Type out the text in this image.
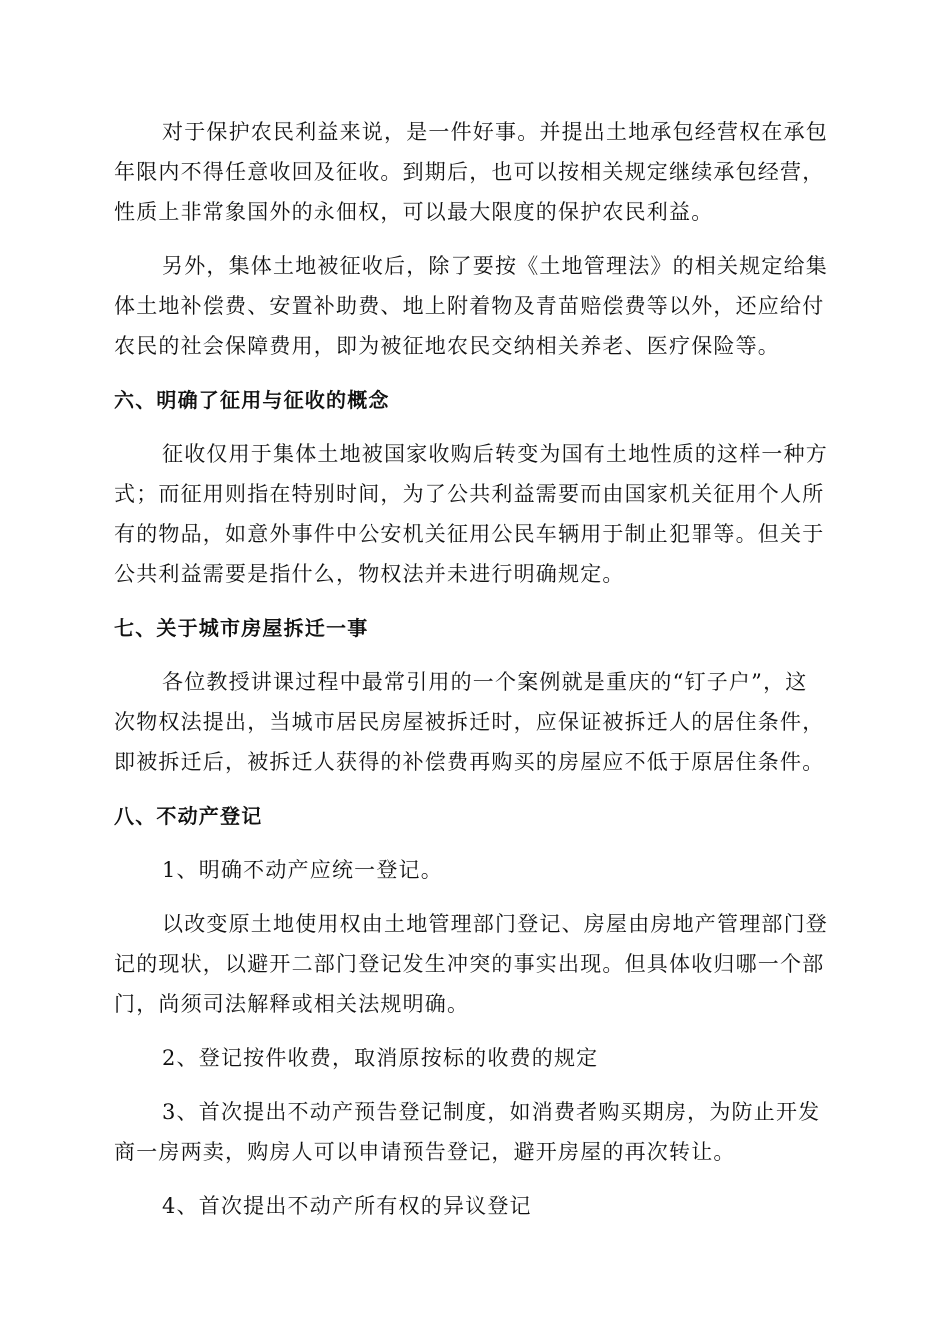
对于保护农民利益来说，是一件好事。并提出土地承包经营权在承包
年限内不得任意收回及征收。到期后，也可以按相关规定继续承包经营，
性质上非常象国外的永佃权，可以最大限度的保护农民利益。

另外，集体土地被征收后，除了要按《土地管理法》的相关规定给集
体土地补偿费、安置补助费、地上附着物及青苗赔偿费等以外，还应给付
农民的社会保障费用，即为被征地农民交纳相关养老、医疗保险等。

六、明确了征用与征收的概念

征收仅用于集体土地被国家收购后转变为国有土地性质的这样一种方
式；而征用则指在特别时间，为了公共利益需要而由国家机关征用个人所
有的物品，如意外事件中公安机关征用公民车辆用于制止犯罪等。但关于
公共利益需要是指什么，物权法并未进行明确规定。

七、关于城市房屋拆迁一事

各位教授讲课过程中最常引用的一个案例就是重庆的“钉子户”，这
次物权法提出，当城市居民房屋被拆迁时，应保证被拆迁人的居住条件，
即被拆迁后，被拆迁人获得的补偿费再购买的房屋应不低于原居住条件。

八、不动产登记

1、明确不动产应统一登记。

以改变原土地使用权由土地管理部门登记、房屋由房地产管理部门登
记的现状，以避开二部门登记发生冲突的事实出现。但具体收归哪一个部
门，尚须司法解释或相关法规明确。

2、登记按件收费，取消原按标的收费的规定

3、首次提出不动产预告登记制度，如消费者购买期房，为防止开发
商一房两卖，购房人可以申请预告登记，避开房屋的再次转让。

4、首次提出不动产所有权的异议登记
